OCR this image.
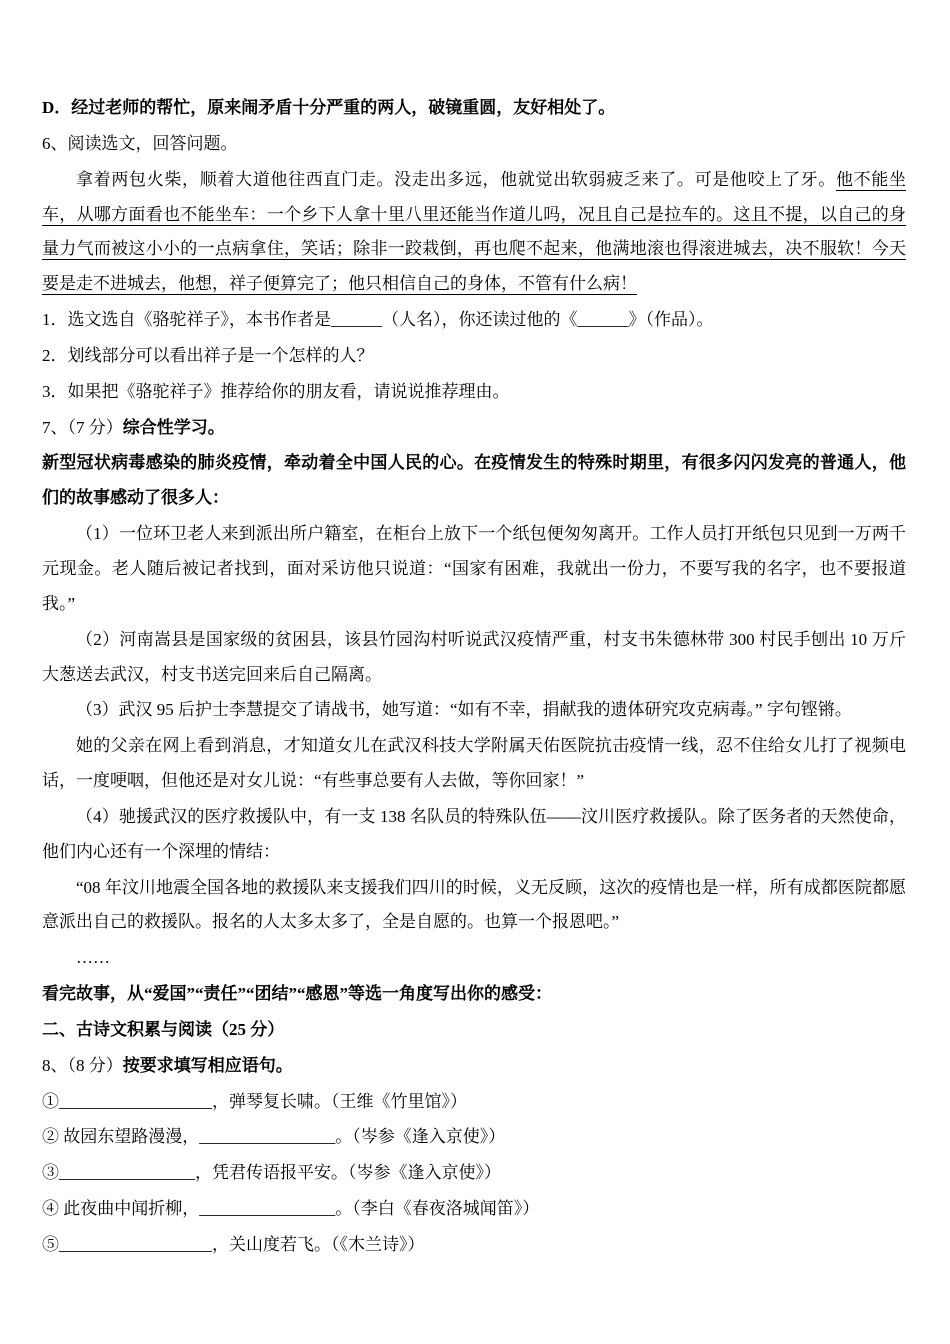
D．经过老师的帮忙，原来闹矛盾十分严重的两人，破镜重圆，友好相处了。

6、阅读选文，回答问题。

拿着两包火柴，顺着大道他往西直门走。没走出多远，他就觉出软弱疲乏来了。可是他咬上了牙。他不能坐车，从哪方面看也不能坐车：一个乡下人拿十里八里还能当作道儿吗，况且自己是拉车的。这且不提，以自己的身量力气而被这小小的一点病拿住，笑话；除非一跤栽倒，再也爬不起来，他满地滚也得滚进城去，决不服软！今天要是走不进城去，他想，祥子便算完了；他只相信自己的身体，不管有什么病！

1．选文选自《骆驼祥子》，本书作者是______（人名），你还读过他的《______》（作品）。

2．划线部分可以看出祥子是一个怎样的人？

3．如果把《骆驼祥子》推荐给你的朋友看，请说说推荐理由。

7、（7 分）综合性学习。

新型冠状病毒感染的肺炎疫情，牵动着全中国人民的心。在疫情发生的特殊时期里，有很多闪闪发亮的普通人，他们的故事感动了很多人：

（1）一位环卫老人来到派出所户籍室，在柜台上放下一个纸包便匆匆离开。工作人员打开纸包只见到一万两千元现金。老人随后被记者找到，面对采访他只说道：“国家有困难，我就出一份力，不要写我的名字，也不要报道我。”

（2）河南嵩县是国家级的贫困县，该县竹园沟村听说武汉疫情严重，村支书朱德林带 300 村民手刨出 10 万斤大葱送去武汉，村支书送完回来后自己隔离。

（3）武汉 95 后护士李慧提交了请战书，她写道：“如有不幸，捐献我的遗体研究攻克病毒。” 字句铿锵。

她的父亲在网上看到消息，才知道女儿在武汉科技大学附属天佑医院抗击疫情一线，忍不住给女儿打了视频电话，一度哽咽，但他还是对女儿说：“有些事总要有人去做，等你回家！”

（4）驰援武汉的医疗救援队中，有一支 138 名队员的特殊队伍——汶川医疗救援队。除了医务者的天然使命，他们内心还有一个深埋的情结：

“08 年汶川地震全国各地的救援队来支援我们四川的时候，义无反顾，这次的疫情也是一样，所有成都医院都愿意派出自己的救援队。报名的人太多太多了，全是自愿的。也算一个报恩吧。”

……

看完故事，从“爱国”“责任”“团结”“感恩”等选一角度写出你的感受：

二、古诗文积累与阅读（25 分）

8、（8 分）按要求填写相应语句。

①__________________，弹琴复长啸。（王维《竹里馆》）

② 故园东望路漫漫，________________。（岑参《逢入京使》）

③________________，凭君传语报平安。（岑参《逢入京使》）

④ 此夜曲中闻折柳，________________。（李白《春夜洛城闻笛》）

⑤__________________，关山度若飞。（《木兰诗》）
